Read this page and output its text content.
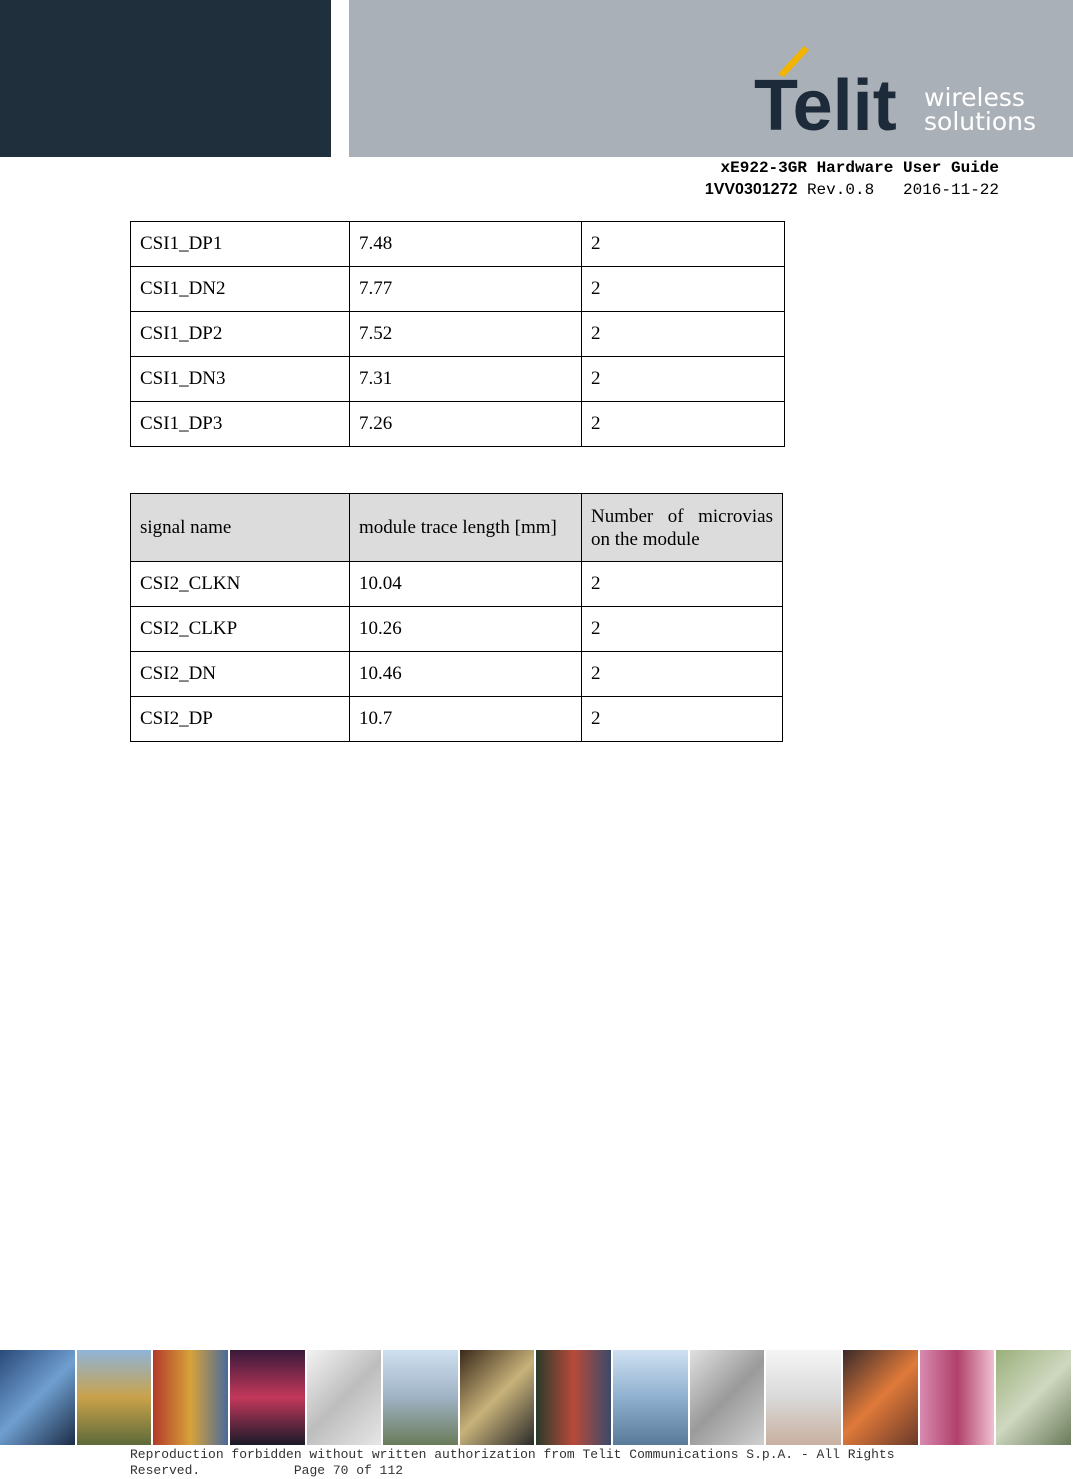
Telit wireless
solutions
xE922-3GR Hardware User Guide
1VV0301272 Rev.0.8 2016-11-22
CSI1_DP1	7.48	2
CSI1_DN2	7.77	2
CSI1_DP2	7.52	2
CSI1_DN3	7.31	2
CSI1_DP3	7.26	2
signal name	module trace length [mm]	Number of microvias on the module
CSI2_CLKN	10.04	2
CSI2_CLKP	10.26	2
CSI2_DN	10.46	2
CSI2_DP	10.7	2
Reproduction forbidden without written authorization from Telit Communications S.p.A. - All Rights
Reserved.	Page 70 of 112
